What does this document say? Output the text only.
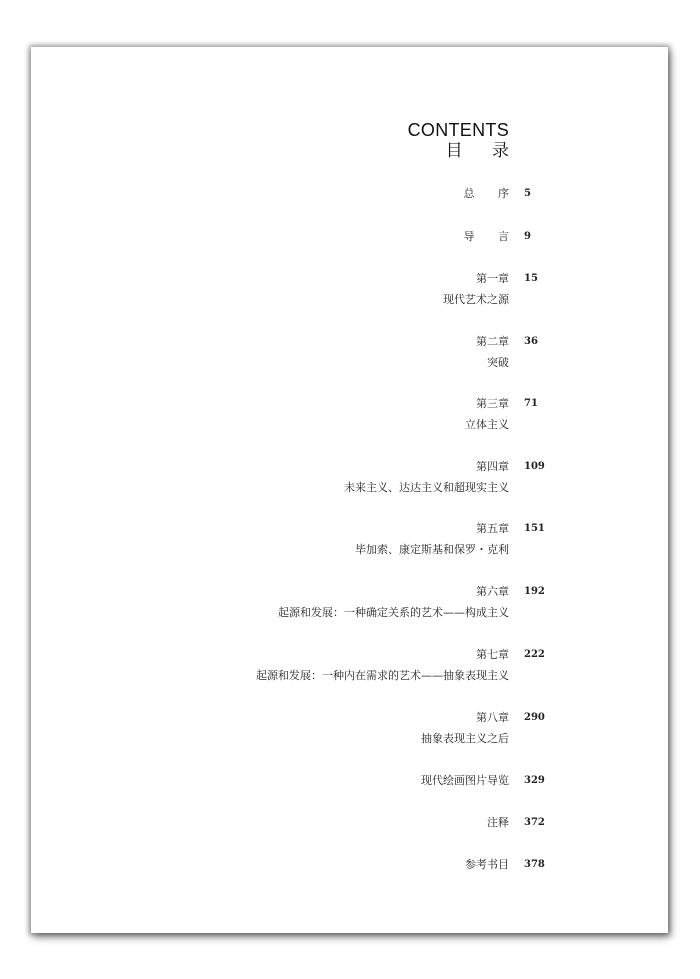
CONTENTS
目 录
总 序 5
导 言 9
第一章 15
现代艺术之源
第二章 36
突破
第三章 71
立体主义
第四章 109
未来主义、达达主义和超现实主义
第五章 151
毕加索、康定斯基和保罗・克利
第六章 192
起源和发展：一种确定关系的艺术——构成主义
第七章 222
起源和发展：一种内在需求的艺术——抽象表现主义
第八章 290
抽象表现主义之后
现代绘画图片导览 329
注释 372
参考书目 378
